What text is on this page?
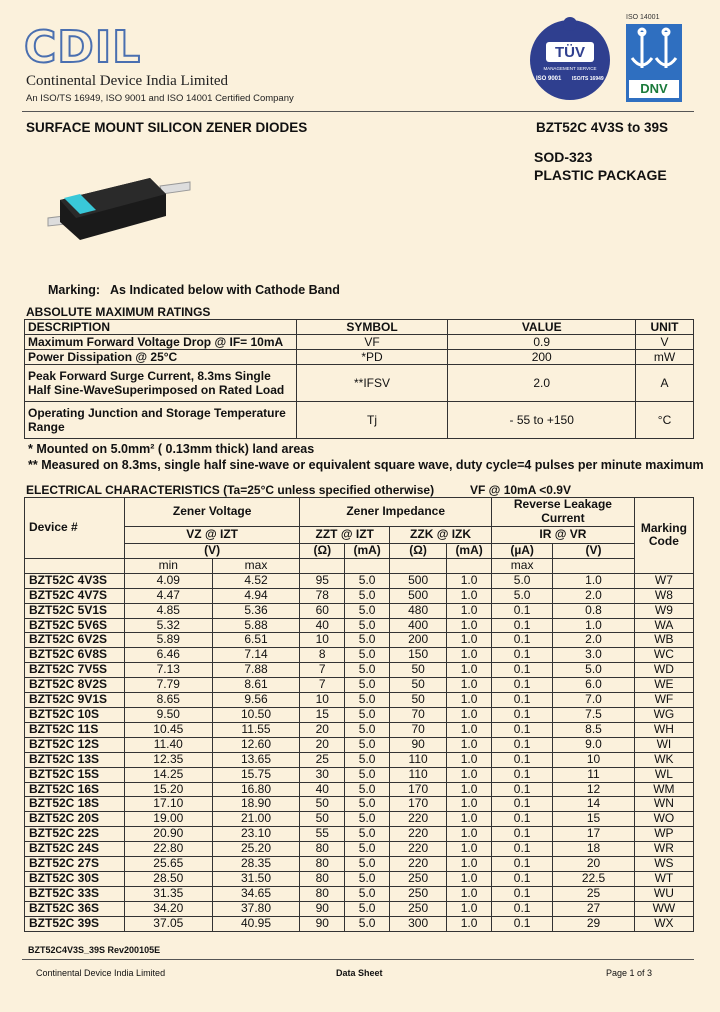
CDIL
Continental Device India Limited
An ISO/TS 16949, ISO 9001 and ISO 14001 Certified Company
TÜV
MANAGEMENT SERVICE
ISO 9001 ISO/TS 16949
ISO 14001
DNV
SURFACE MOUNT SILICON ZENER DIODES	BZT52C 4V3S to 39S
SOD-323
PLASTIC PACKAGE
Marking: As Indicated below with Cathode Band
ABSOLUTE MAXIMUM RATINGS
DESCRIPTION	SYMBOL	VALUE	UNIT
Maximum Forward Voltage Drop @ IF= 10mA	VF	0.9	V
Power Dissipation @ 25°C	*PD	200	mW
Peak Forward Surge Current, 8.3ms Single Half Sine-WaveSuperimposed on Rated Load	**IFSV	2.0	A
Operating Junction and Storage Temperature Range	Tj	- 55 to +150	°C
* Mounted on 5.0mm² ( 0.13mm thick) land areas
** Measured on 8.3ms, single half sine-wave or equivalent square wave, duty cycle=4 pulses per minute maximum
ELECTRICAL CHARACTERISTICS (Ta=25°C unless specified otherwise)	VF @ 10mA <0.9V
Device #	Zener Voltage		Zener Impedance				Reverse Leakage Current		Marking Code
	VZ @ IZT		ZZT @ IZT		ZZK @ IZK		IR @ VR		
	(V)		(Ω)	(mA)	(Ω)	(mA)	(µA)	(V)	
	min	max					max		
BZT52C 4V3S	4.09	4.52	95	5.0	500	1.0	5.0	1.0	W7
BZT52C 4V7S	4.47	4.94	78	5.0	500	1.0	5.0	2.0	W8
BZT52C 5V1S	4.85	5.36	60	5.0	480	1.0	0.1	0.8	W9
BZT52C 5V6S	5.32	5.88	40	5.0	400	1.0	0.1	1.0	WA
BZT52C 6V2S	5.89	6.51	10	5.0	200	1.0	0.1	2.0	WB
BZT52C 6V8S	6.46	7.14	8	5.0	150	1.0	0.1	3.0	WC
BZT52C 7V5S	7.13	7.88	7	5.0	50	1.0	0.1	5.0	WD
BZT52C 8V2S	7.79	8.61	7	5.0	50	1.0	0.1	6.0	WE
BZT52C 9V1S	8.65	9.56	10	5.0	50	1.0	0.1	7.0	WF
BZT52C 10S	9.50	10.50	15	5.0	70	1.0	0.1	7.5	WG
BZT52C 11S	10.45	11.55	20	5.0	70	1.0	0.1	8.5	WH
BZT52C 12S	11.40	12.60	20	5.0	90	1.0	0.1	9.0	WI
BZT52C 13S	12.35	13.65	25	5.0	110	1.0	0.1	10	WK
BZT52C 15S	14.25	15.75	30	5.0	110	1.0	0.1	11	WL
BZT52C 16S	15.20	16.80	40	5.0	170	1.0	0.1	12	WM
BZT52C 18S	17.10	18.90	50	5.0	170	1.0	0.1	14	WN
BZT52C 20S	19.00	21.00	50	5.0	220	1.0	0.1	15	WO
BZT52C 22S	20.90	23.10	55	5.0	220	1.0	0.1	17	WP
BZT52C 24S	22.80	25.20	80	5.0	220	1.0	0.1	18	WR
BZT52C 27S	25.65	28.35	80	5.0	220	1.0	0.1	20	WS
BZT52C 30S	28.50	31.50	80	5.0	250	1.0	0.1	22.5	WT
BZT52C 33S	31.35	34.65	80	5.0	250	1.0	0.1	25	WU
BZT52C 36S	34.20	37.80	90	5.0	250	1.0	0.1	27	WW
BZT52C 39S	37.05	40.95	90	5.0	300	1.0	0.1	29	WX
BZT52C4V3S_39S Rev200105E
Continental Device India Limited	Data Sheet	Page 1 of 3
